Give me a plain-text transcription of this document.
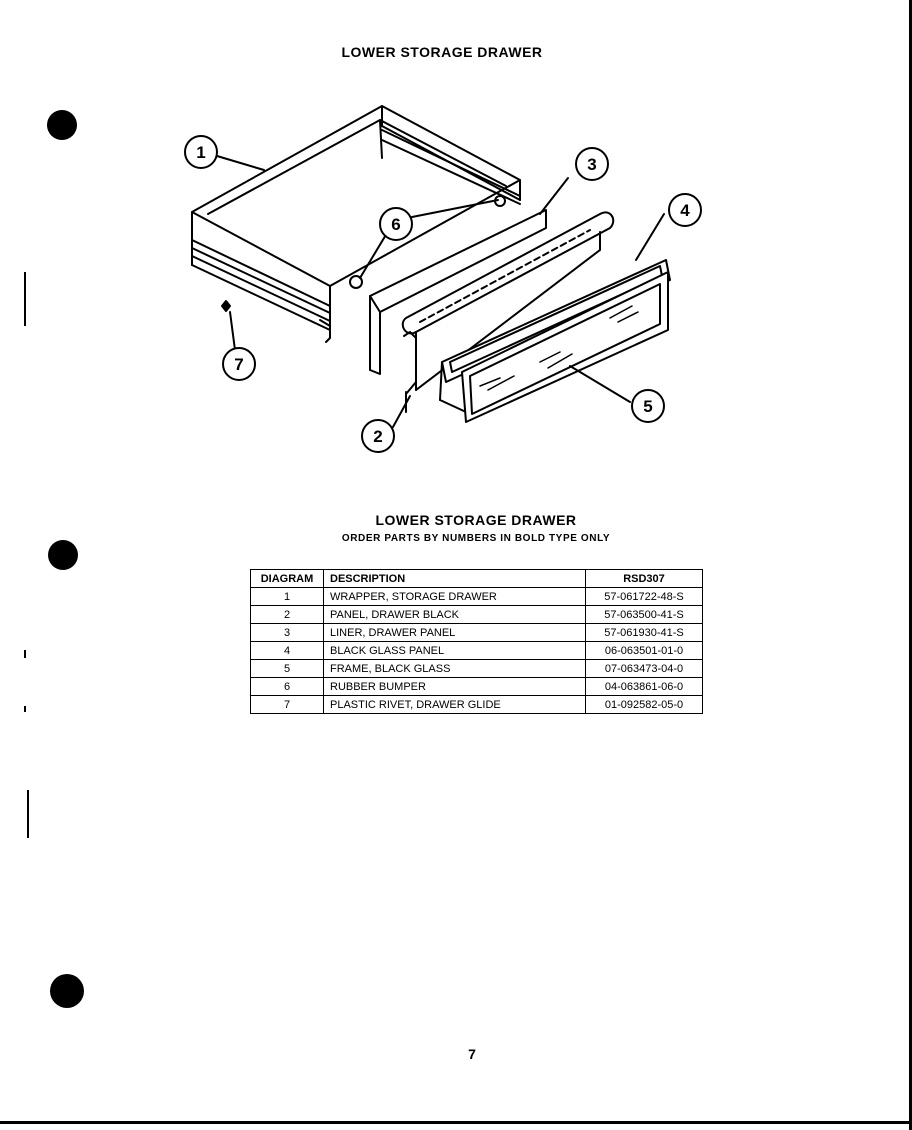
LOWER STORAGE DRAWER
1
2
3
4
5
6
7
LOWER STORAGE DRAWER
ORDER PARTS BY NUMBERS IN BOLD TYPE ONLY
DIAGRAM	DESCRIPTION	RSD307
1	WRAPPER, STORAGE DRAWER	57-061722-48-S
2	PANEL, DRAWER BLACK	57-063500-41-S
3	LINER, DRAWER PANEL	57-061930-41-S
4	BLACK GLASS PANEL	06-063501-01-0
5	FRAME, BLACK GLASS	07-063473-04-0
6	RUBBER BUMPER	04-063861-06-0
7	PLASTIC RIVET, DRAWER GLIDE	01-092582-05-0
7
